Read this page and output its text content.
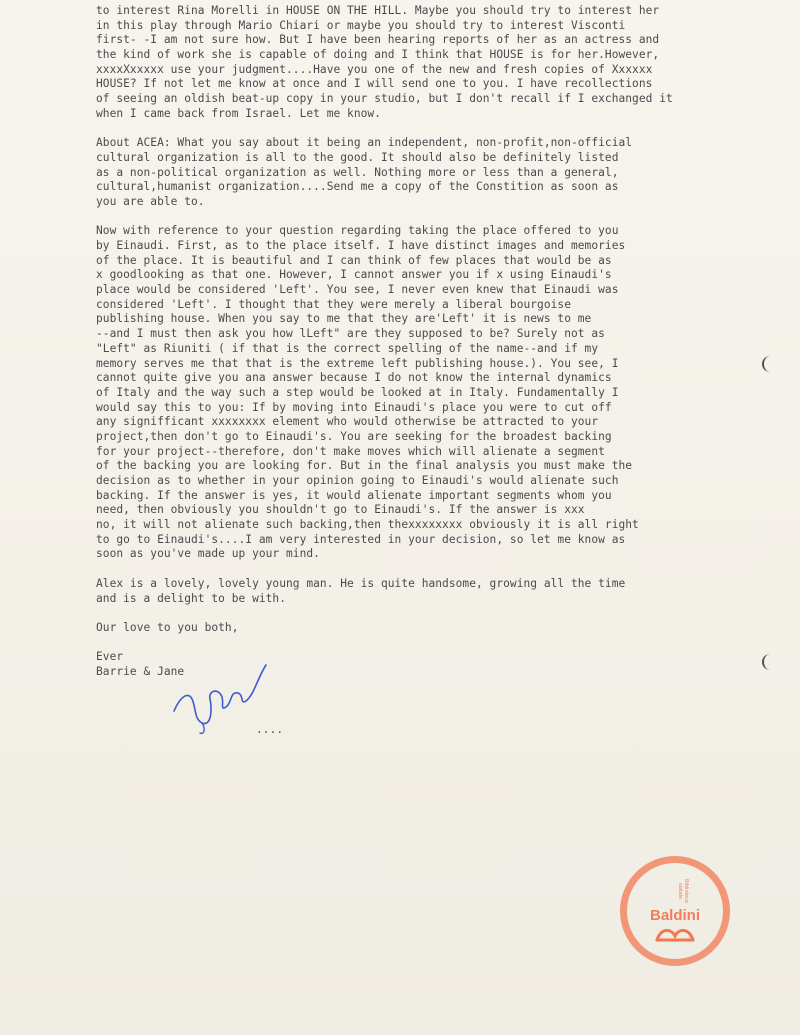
to interest Rina Morelli in HOUSE ON THE HILL. Maybe you should try to interest her
in this play through Mario Chiari or maybe you should try to interest Visconti
first- -I am not sure how. But I have been hearing reports of her as an actress and
the kind of work she is capable of doing and I think that HOUSE is for her.However,
xxxxXxxxxx use your judgment....Have you one of the new and fresh copies of Xxxxxx
HOUSE? If not let me know at once and I will send one to you. I have recollections
of seeing an oldish beat-up copy in your studio, but I don't recall if I exchanged it
when I came back from Israel. Let me know.
About ACEA: What you say about it being an independent, non-profit,non-official
cultural organization is all to the good. It should also be definitely listed
as a non-political organization as well. Nothing more or less than a general,
cultural,humanist organization....Send me a copy of the Constition as soon as
you are able to.
Now with reference to your question regarding taking the place offered to you
by Einaudi. First, as to the place itself. I have distinct images and memories
of the place. It is beautiful and I can think of few places that would be as
x goodlooking as that one. However, I cannot answer you if x using Einaudi's
place would be considered 'Left'. You see, I never even knew that Einaudi was
considered 'Left'. I thought that they were merely a liberal bourgoise
publishing house. When you say to me that they are'Left' it is news to me
--and I must then ask you how lLeft" are they supposed to be? Surely not as
"Left" as Riuniti ( if that is the correct spelling of the name--and if my
memory serves me that that is the extreme left publishing house.). You see, I
cannot quite give you ana answer because I do not know the internal dynamics
of Italy and the way such a step would be looked at in Italy. Fundamentally I
would say this to you: If by moving into Einaudi's place you were to cut off
any signifficant xxxxxxxx element who would otherwise be attracted to your
project,then don't go to Einaudi's. You are seeking for the broadest backing
for your project--therefore, don't make moves which will alienate a segment
of the backing you are looking for. But in the final analysis you must make the
decision as to whether in your opinion going to Einaudi's would alienate such
backing. If the answer is yes, it would alienate important segments whom you
need, then obviously you shouldn't go to Einaudi's. If the answer is xxx
no, it will not alienate such backing,then thexxxxxxxx obviously it is all right
to go to Einaudi's....I am very interested in your decision, so let me know as
soon as you've made up your mind.
Alex is a lovely, lovely young man. He is quite handsome, growing all the time
and is a delight to be with.
Our love to you both,
Ever
Barrie & Jane
....
Biblioteca
statale
Baldini
